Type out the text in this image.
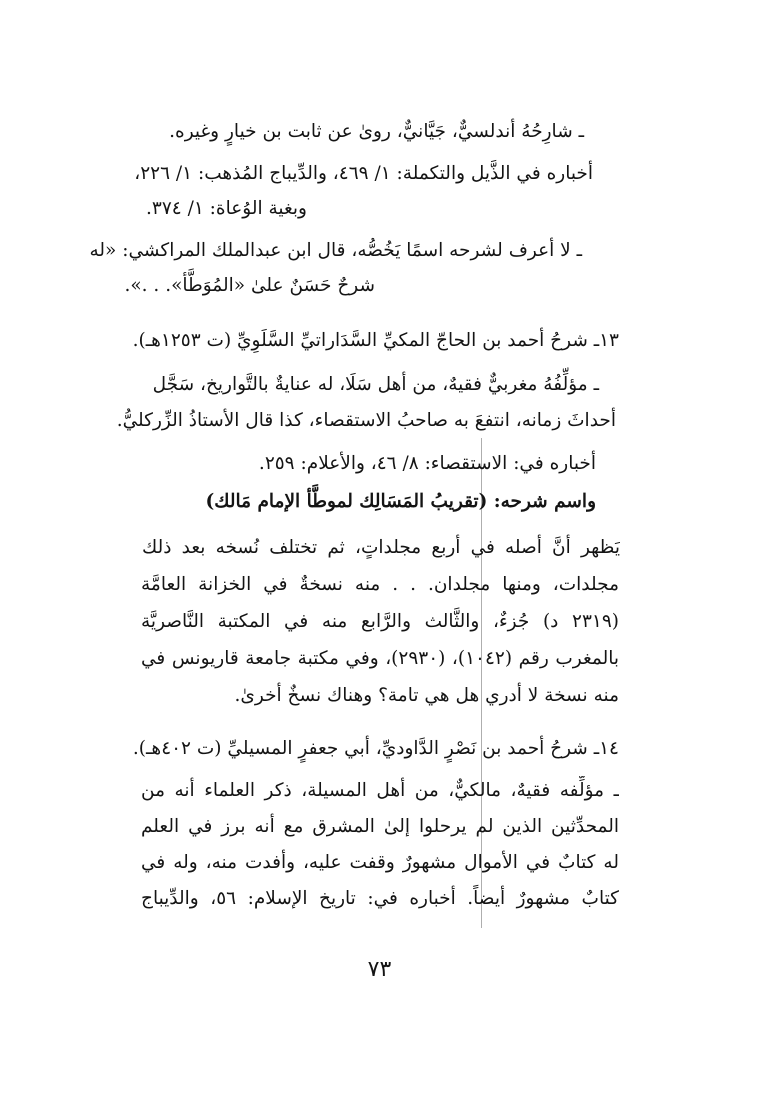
ـ شارِحُهُ أندلسيٌّ، جَيَّانيٌّ، روىٰ عن ثابت بن خيارٍ وغيره.
أخباره في الذَّيل والتكملة: ١/ ٤٦٩، والدِّيباج المُذهب: ١/ ٢٢٦،
وبغية الوُعاة: ١/ ٣٧٤.
ـ لا أعرف لشرحه اسمًا يَخُصُّه، قال ابن عبدالملك المراكشي: «له
شرحٌ حَسَنٌ علىٰ «المُوَطَّأ». . .».
١٣ـ شرحُ أحمد بن الحاجّ المكيِّ السَّدَاراتيِّ السَّلَوِيِّ (ت ١٢٥٣هـ).
ـ مؤلِّفُهُ مغربيٌّ فقيهٌ، من أهل سَلَا، له عنايةٌ بالتَّواريخ، سَجَّل
أحداثَ زمانه، انتفعَ به صاحبُ الاستقصاء، كذا قال الأستاذُ الزِّركليُّ.
أخباره في: الاستقصاء: ٨/ ٤٦، والأعلام: ٢٥٩.
واسم شرحه: (تقريبُ المَسَالِك لموطَّأ الإمام مَالك)
يَظهر أنَّ أصله في أربع مجلداتٍ، ثم تختلف نُسخه بعد ذلك
مجلدات، ومنها مجلدان. . . منه نسخةٌ في الخزانة العامَّة
(٢٣١٩ د) جُزءٌ، والثَّالث والرَّابع منه في المكتبة النَّاصريَّة
بالمغرب رقم (١٠٤٢)، (٢٩٣٠)، وفي مكتبة جامعة قاريونس في
منه نسخة لا أدري هل هي تامة؟ وهناك نسخٌ أخرىٰ.
١٤ـ شرحُ أحمد بن نَصْرٍ الدَّاوديِّ، أبي جعفرٍ المسيليِّ (ت ٤٠٢هـ).
ـ مؤلِّفه فقيهٌ، مالكيٌّ، من أهل المسيلة، ذكر العلماء أنه من
المحدِّثين الذين لم يرحلوا إلىٰ المشرق مع أنه برز في العلم
له كتابٌ في الأموال مشهورٌ وقفت عليه، وأفدت منه، وله في
كتابٌ مشهورٌ أيضاً. أخباره في: تاريخ الإسلام: ٥٦، والدِّيباج
٧٣
